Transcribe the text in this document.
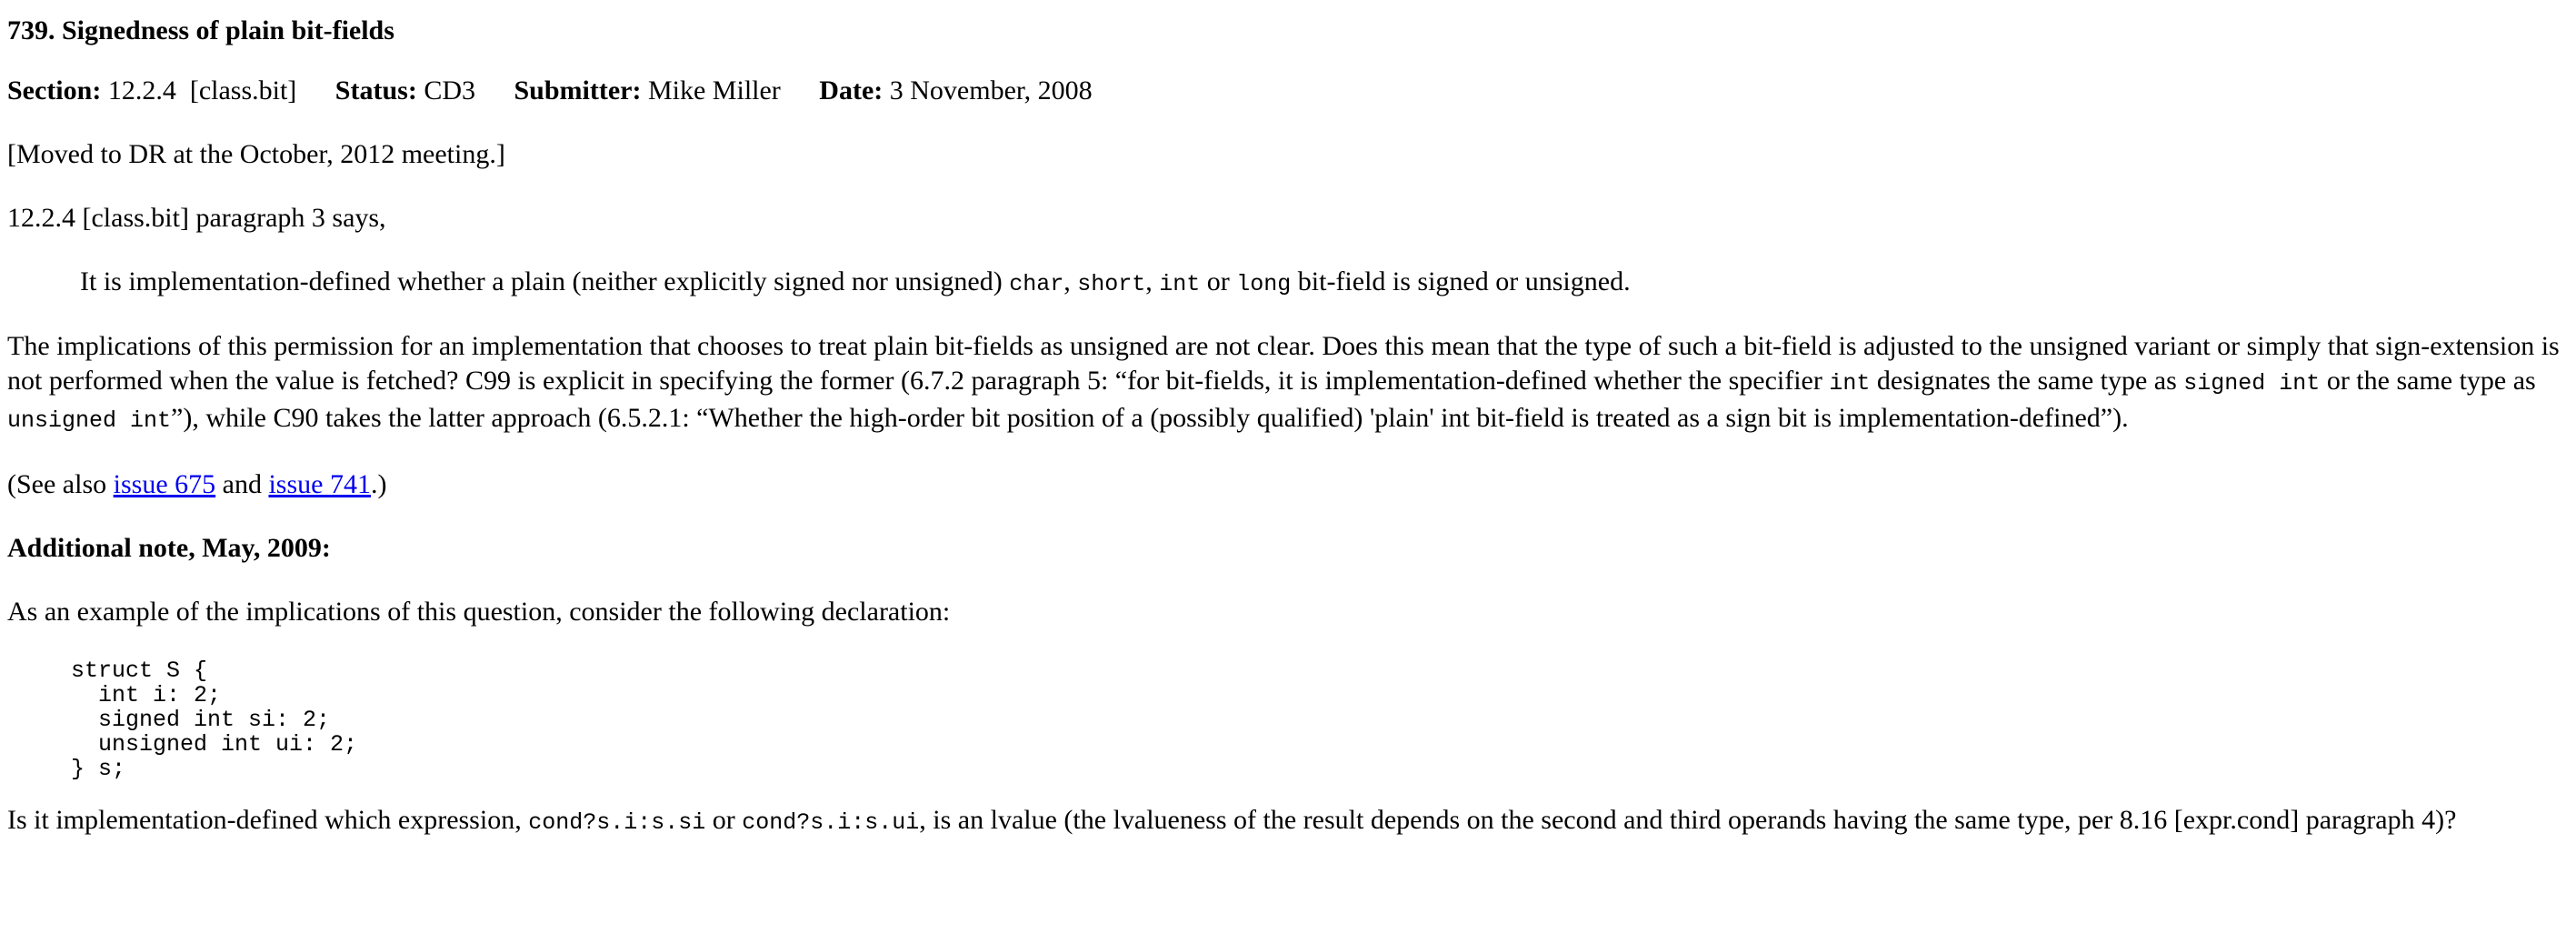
739. Signedness of plain bit-fields

Section: 12.2.4  [class.bit] Status: CD3 Submitter: Mike Miller Date: 3 November, 2008

[Moved to DR at the October, 2012 meeting.]

12.2.4 [class.bit] paragraph 3 says,

It is implementation-defined whether a plain (neither explicitly signed nor unsigned) char, short, int or long bit-field is signed or unsigned.

The implications of this permission for an implementation that chooses to treat plain bit-fields as unsigned are not clear. Does this mean that the type of such a bit-field is adjusted to the unsigned variant or simply that sign-extension is not performed when the value is fetched? C99 is explicit in specifying the former (6.7.2 paragraph 5: “for bit-fields, it is implementation-defined whether the specifier int designates the same type as signed int or the same type as unsigned int”), while C90 takes the latter approach (6.5.2.1: “Whether the high-order bit position of a (possibly qualified) 'plain' int bit-field is treated as a sign bit is implementation-defined”).

(See also issue 675 and issue 741.)

Additional note, May, 2009:

As an example of the implications of this question, consider the following declaration:

struct S {
int i: 2;
signed int si: 2;
unsigned int ui: 2;
} s;

Is it implementation-defined which expression, cond?s.i:s.si or cond?s.i:s.ui, is an lvalue (the lvalueness of the result depends on the second and third operands having the same type, per 8.16 [expr.cond] paragraph 4)?
